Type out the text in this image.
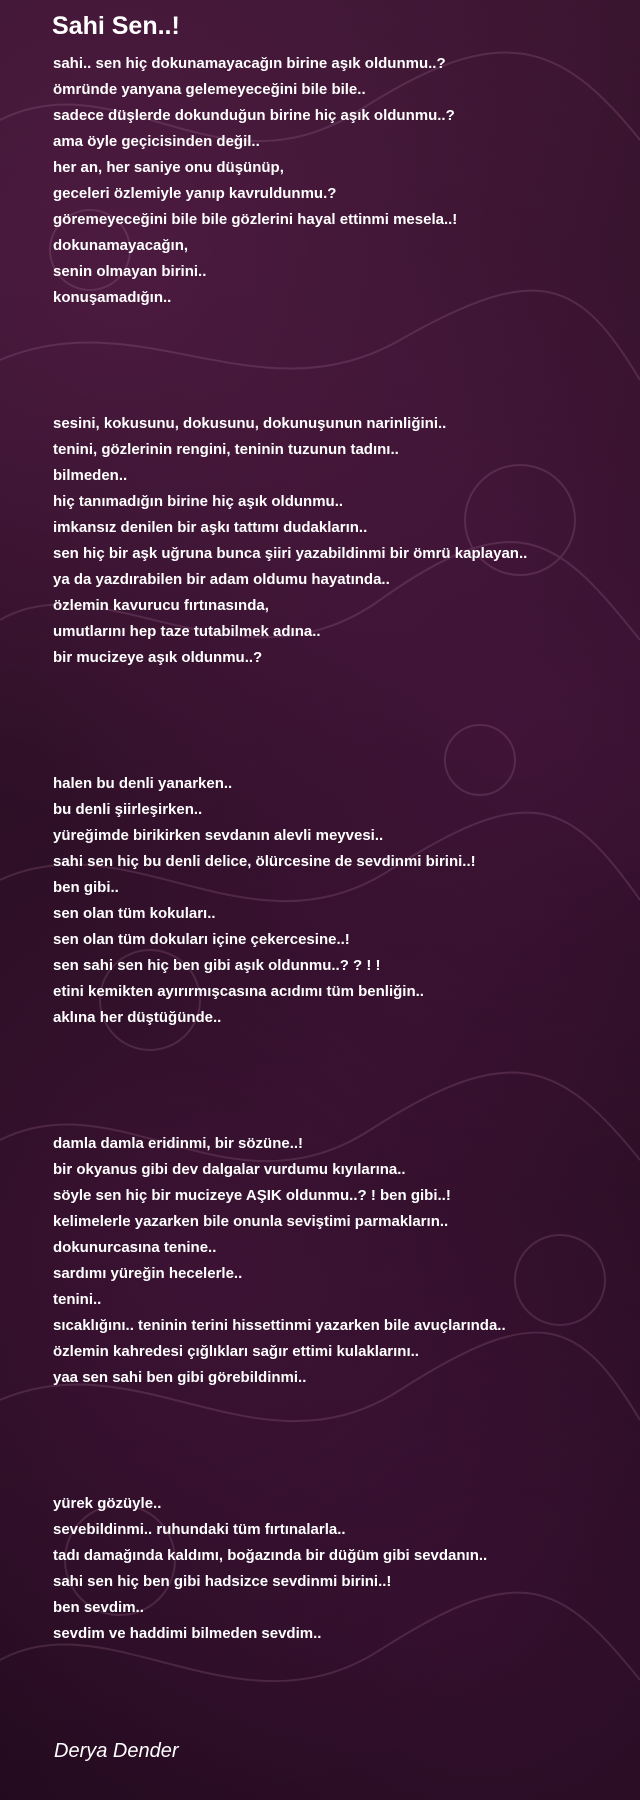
Sahi Sen..!
sahi.. sen hiç dokunamayacağın birine aşık oldunmu..?
ömründe yanyana gelemeyeceğini bile bile..
sadece düşlerde dokunduğun birine hiç aşık oldunmu..?
ama öyle geçicisinden değil..
her an, her saniye onu düşünüp,
geceleri özlemiyle yanıp kavruldunmu.?
göremeyeceğini bile bile gözlerini hayal ettinmi mesela..!
dokunamayacağın,
senin olmayan birini..
konuşamadığın..
sesini, kokusunu, dokusunu, dokunuşunun narinliğini..
tenini, gözlerinin rengini, teninin tuzunun tadını..
bilmeden..
hiç tanımadığın birine hiç aşık oldunmu..
imkansız denilen bir aşkı tattımı dudakların..
sen hiç bir aşk uğruna bunca şiiri yazabildinmi bir ömrü kaplayan..
ya da yazdırabilen bir adam oldumu hayatında..
özlemin kavurucu fırtınasında,
umutlarını hep taze tutabilmek adına..
bir mucizeye aşık oldunmu..?
halen bu denli yanarken..
bu denli şiirleşirken..
yüreğimde birikirken sevdanın alevli meyvesi..
sahi sen hiç bu denli delice, ölürcesine de sevdinmi birini..!
ben gibi..
sen olan tüm kokuları..
sen olan tüm dokuları içine çekercesine..!
sen sahi sen hiç ben gibi aşık oldunmu..? ? ! !
etini kemikten ayırırmışcasına acıdımı tüm benliğin..
aklına her düştüğünde..
damla damla eridinmi, bir sözüne..!
bir okyanus gibi dev dalgalar vurdumu kıyılarına..
söyle sen hiç bir mucizeye AŞIK oldunmu..? ! ben gibi..!
kelimelerle yazarken bile onunla seviştimi parmakların..
dokunurcasına tenine..
sardımı yüreğin hecelerle..
tenini..
sıcaklığını.. teninin terini hissettinmi yazarken bile avuçlarında..
özlemin kahredesi çığlıkları sağır ettimi kulaklarını..
yaa sen sahi ben gibi görebildinmi..
yürek gözüyle..
sevebildinmi.. ruhundaki tüm fırtınalarla..
tadı damağında kaldımı, boğazında bir düğüm gibi sevdanın..
sahi sen hiç ben gibi hadsizce sevdinmi birini..!
ben sevdim..
sevdim ve haddimi bilmeden sevdim..

Derya Dender
